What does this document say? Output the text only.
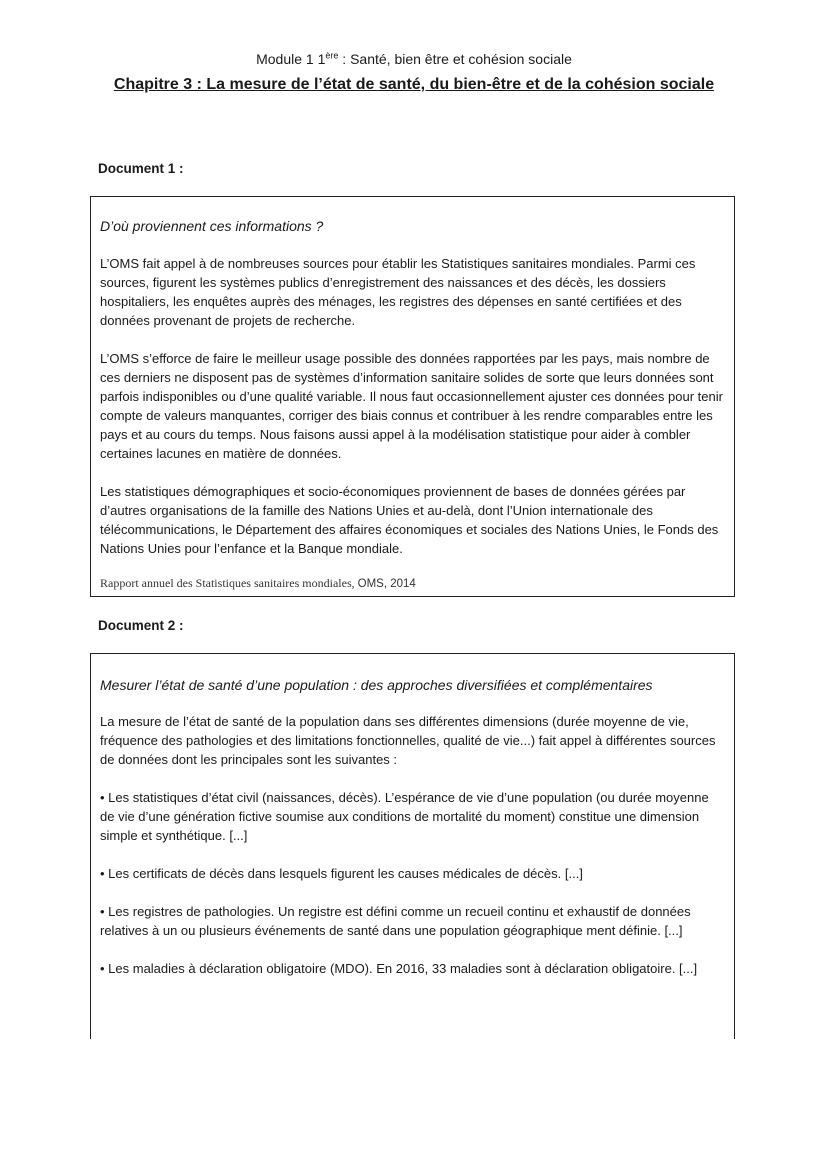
Module 1 1ère : Santé, bien être et cohésion sociale
Chapitre 3 : La mesure de l’état de santé, du bien-être et de la cohésion sociale
Document 1 :

D’où proviennent ces informations ?

L’OMS fait appel à de nombreuses sources pour établir les Statistiques sanitaires mondiales. Parmi ces sources, figurent les systèmes publics d’enregistrement des naissances et des décès, les dossiers hospitaliers, les enquêtes auprès des ménages, les registres des dépenses en santé certifiées et des données provenant de projets de recherche.

L’OMS s’efforce de faire le meilleur usage possible des données rapportées par les pays, mais nombre de ces derniers ne disposent pas de systèmes d’information sanitaire solides de sorte que leurs données sont parfois indisponibles ou d’une qualité variable. Il nous faut occasionnellement ajuster ces données pour tenir compte de valeurs manquantes, corriger des biais connus et contribuer à les rendre comparables entre les pays et au cours du temps. Nous faisons aussi appel à la modélisation statistique pour aider à combler certaines lacunes en matière de données.

Les statistiques démographiques et socio-économiques proviennent de bases de données gérées par d’autres organisations de la famille des Nations Unies et au-delà, dont l’Union internationale des télécommunications, le Département des affaires économiques et sociales des Nations Unies, le Fonds des Nations Unies pour l’enfance et la Banque mondiale.

Rapport annuel des Statistiques sanitaires mondiales, OMS, 2014
Document 2 :

Mesurer l’état de santé d’une population : des approches diversifiées et complémentaires

La mesure de l’état de santé de la population dans ses différentes dimensions (durée moyenne de vie, fréquence des pathologies et des limitations fonctionnelles, qualité de vie...) fait appel à différentes sources de données dont les principales sont les suivantes :

• Les statistiques d’état civil (naissances, décès). L’espérance de vie d’une population (ou durée moyenne de vie d’une génération fictive soumise aux conditions de mortalité du moment) constitue une dimension simple et synthétique. [...]

• Les certificats de décès dans lesquels figurent les causes médicales de décès. [...]

• Les registres de pathologies. Un registre est défini comme un recueil continu et exhaustif de données relatives à un ou plusieurs événements de santé dans une population géographique ment définie. [...]

• Les maladies à déclaration obligatoire (MDO). En 2016, 33 maladies sont à déclaration obligatoire. [...]
